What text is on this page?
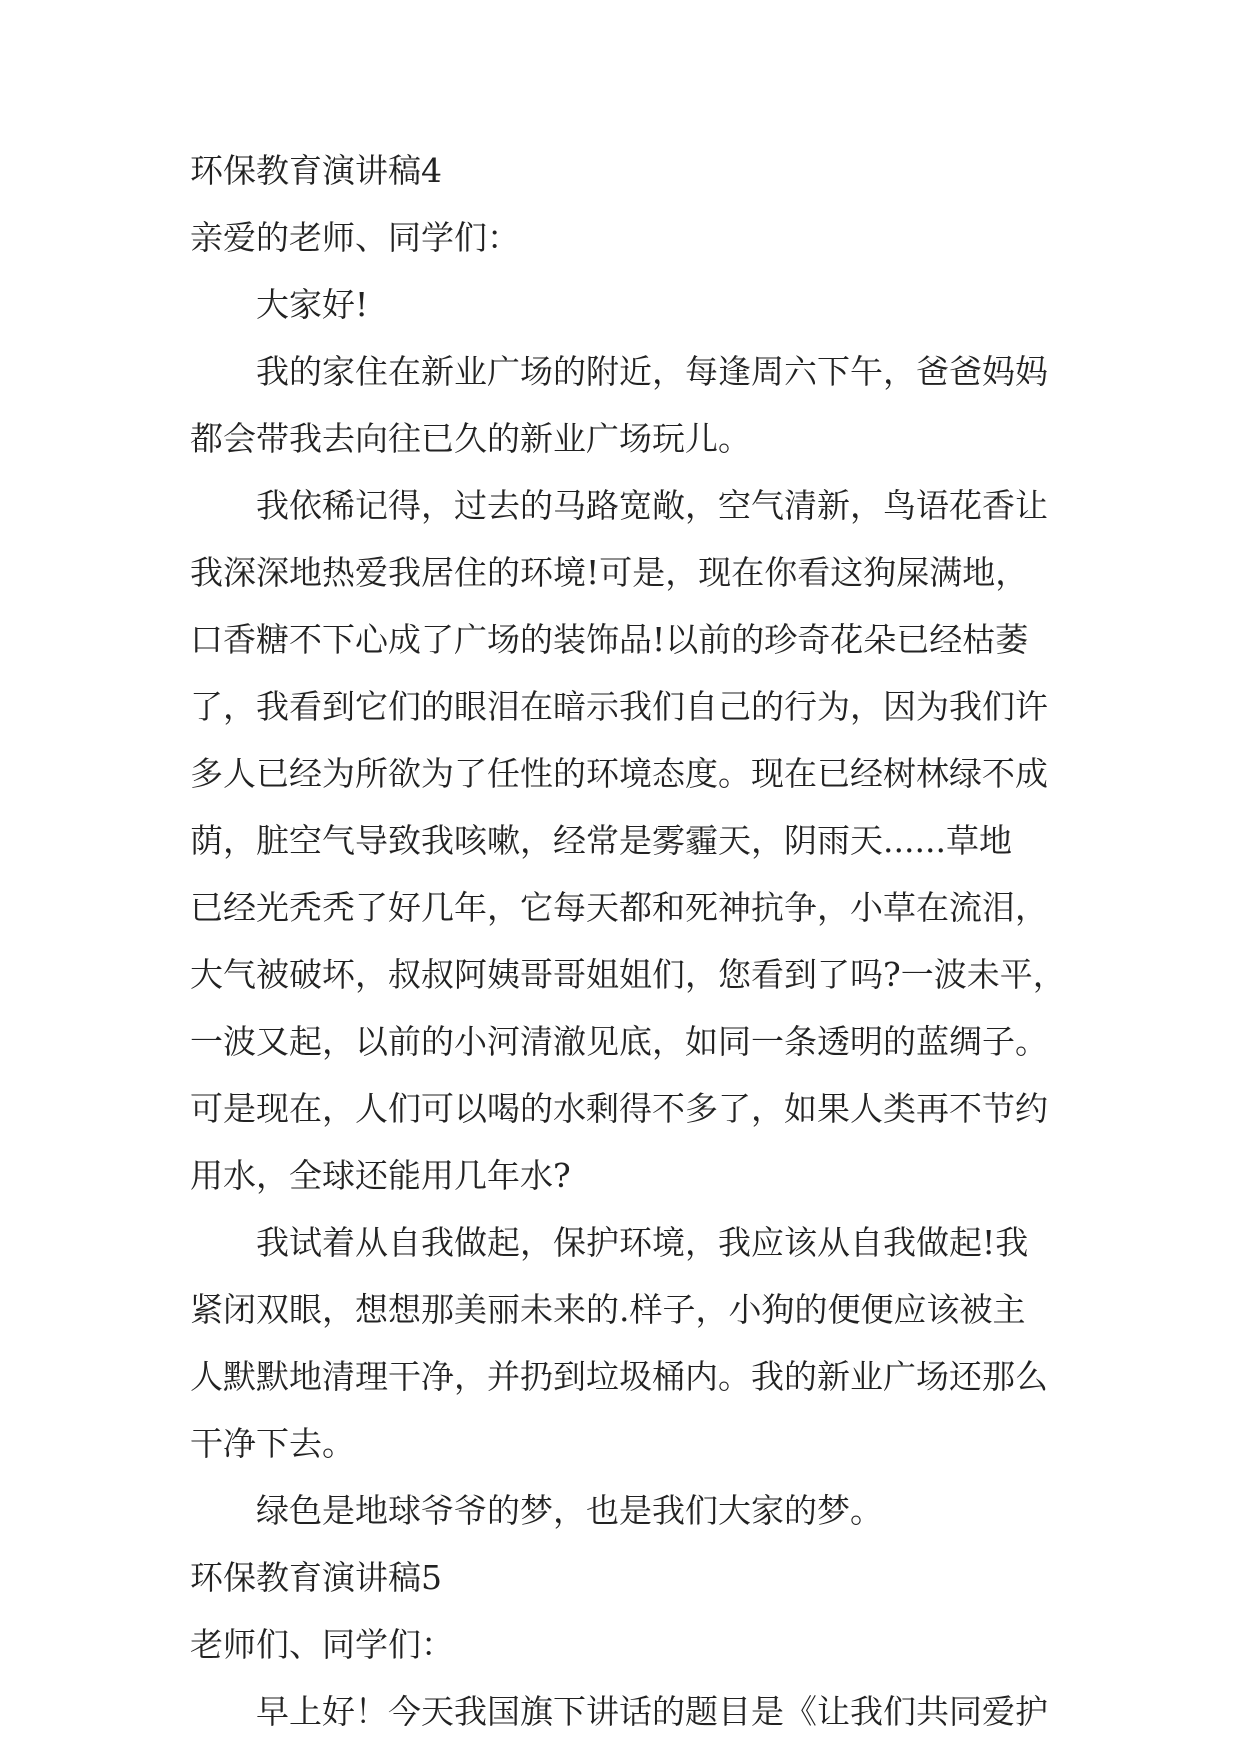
环保教育演讲稿4
亲爱的老师、同学们：
大家好!
我的家住在新业广场的附近，每逢周六下午，爸爸妈妈
都会带我去向往已久的新业广场玩儿。
我依稀记得，过去的马路宽敞，空气清新，鸟语花香让
我深深地热爱我居住的环境!可是，现在你看这狗屎满地，
口香糖不下心成了广场的装饰品!以前的珍奇花朵已经枯萎
了，我看到它们的眼泪在暗示我们自己的行为，因为我们许
多人已经为所欲为了任性的环境态度。现在已经树林绿不成
荫，脏空气导致我咳嗽，经常是雾霾天，阴雨天......草地
已经光秃秃了好几年，它每天都和死神抗争，小草在流泪，
大气被破坏，叔叔阿姨哥哥姐姐们，您看到了吗?一波未平，
一波又起，以前的小河清澈见底，如同一条透明的蓝绸子。
可是现在，人们可以喝的水剩得不多了，如果人类再不节约
用水，全球还能用几年水?
我试着从自我做起，保护环境，我应该从自我做起!我
紧闭双眼，想想那美丽未来的.样子，小狗的便便应该被主
人默默地清理干净，并扔到垃圾桶内。我的新业广场还那么
干净下去。
绿色是地球爷爷的梦，也是我们大家的梦。
环保教育演讲稿5
老师们、同学们：
早上好！今天我国旗下讲话的题目是《让我们共同爱护
